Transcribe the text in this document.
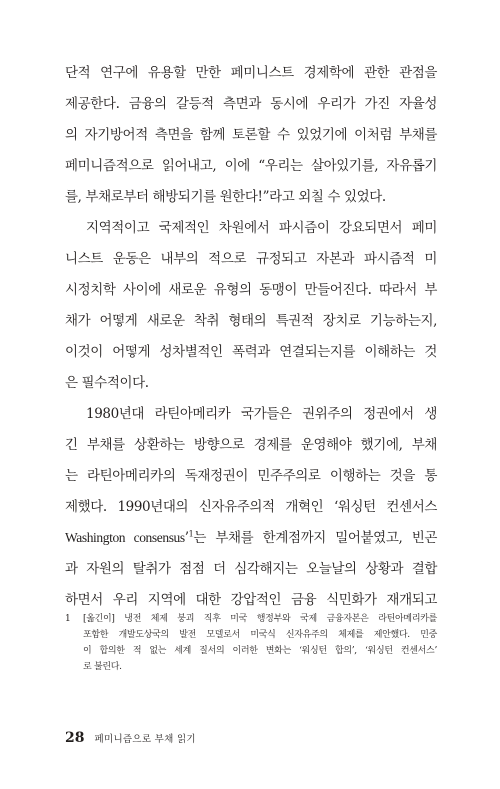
단적 연구에 유용할 만한 페미니스트 경제학에 관한 관점을
제공한다. 금융의 갈등적 측면과 동시에 우리가 가진 자율성
의 자기방어적 측면을 함께 토론할 수 있었기에 이처럼 부채를
페미니즘적으로 읽어내고, 이에 “우리는 살아있기를, 자유롭기
를, 부채로부터 해방되기를 원한다!”라고 외칠 수 있었다.
지역적이고 국제적인 차원에서 파시즘이 강요되면서 페미
니스트 운동은 내부의 적으로 규정되고 자본과 파시즘적 미
시정치학 사이에 새로운 유형의 동맹이 만들어진다. 따라서 부
채가 어떻게 새로운 착취 형태의 특권적 장치로 기능하는지,
이것이 어떻게 성차별적인 폭력과 연결되는지를 이해하는 것
은 필수적이다.
1980년대 라틴아메리카 국가들은 권위주의 정권에서 생
긴 부채를 상환하는 방향으로 경제를 운영해야 했기에, 부채
는 라틴아메리카의 독재정권이 민주주의로 이행하는 것을 통
제했다. 1990년대의 신자유주의적 개혁인 ‘워싱턴 컨센서스
Washington consensus’$^1$는 부채를 한계점까지 밀어붙였고, 빈곤
과 자원의 탈취가 점점 더 심각해지는 오늘날의 상황과 결합
하면서 우리 지역에 대한 강압적인 금융 식민화가 재개되고
1 [옮긴이] 냉전 체제 붕괴 직후 미국 행정부와 국제 금융자본은 라틴아메리카를
포함한 개발도상국의 발전 모델로서 미국식 신자유주의 체제를 제안했다. 민중
이 합의한 적 없는 세계 질서의 이러한 변화는 ‘워싱턴 합의’, ‘워싱턴 컨센서스’
로 불린다.
28 페미니즘으로 부채 읽기
